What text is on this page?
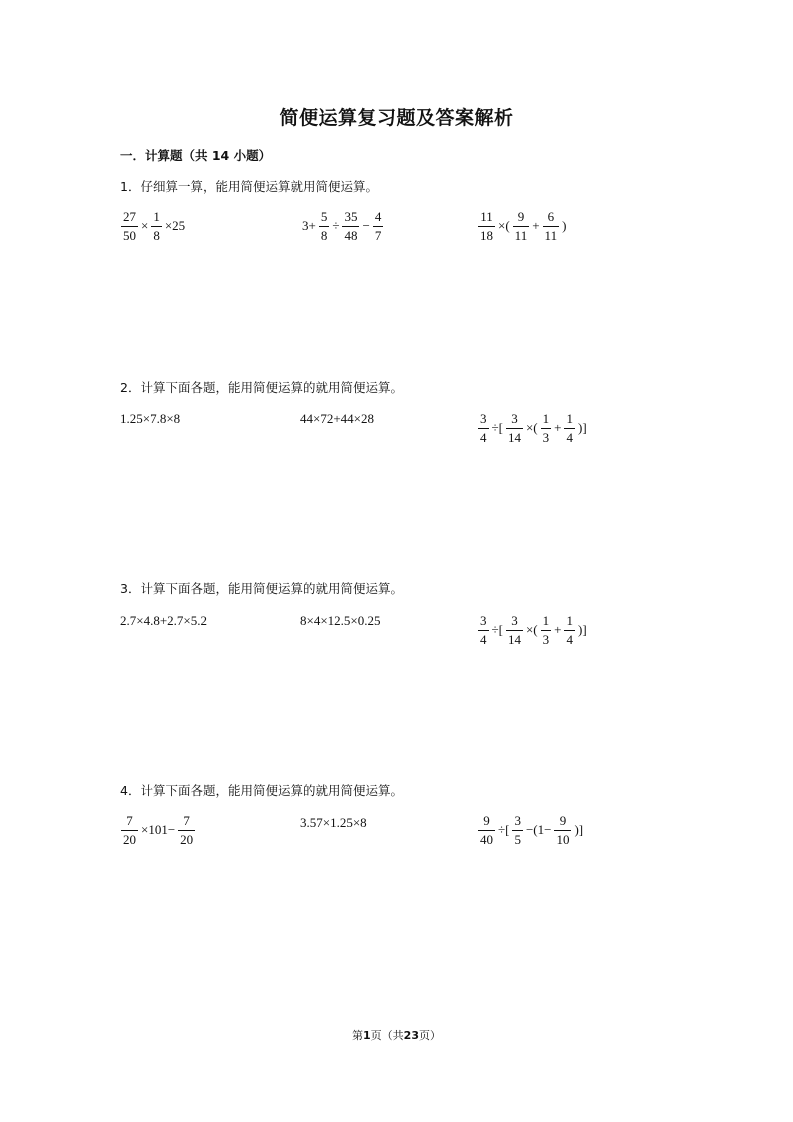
简便运算复习题及答案解析
一．计算题（共 14 小题）
1．仔细算一算，能用简便运算就用简便运算。
$\frac{27}{50} \times \frac{1}{8} \times 25$	$3+ \frac{5}{8} \div \frac{35}{48} - \frac{4}{7}$	$\frac{11}{18}$ ×( $\frac{9}{11} + \frac{6}{11}$ )
2．计算下面各题，能用简便运算的就用简便运算。
1.25×7.8×8	44×72+44×28	$\frac{3}{4}$ ÷[ $\frac{3}{14}$ ×( $\frac{1}{3} + \frac{1}{4}$ )]
3．计算下面各题，能用简便运算的就用简便运算。
2.7×4.8+2.7×5.2	8×4×12.5×0.25	$\frac{3}{4}$ ÷[ $\frac{3}{14}$ ×( $\frac{1}{3} + \frac{1}{4}$ )]
4．计算下面各题，能用简便运算的就用简便运算。
$\frac{7}{20} \times 101- \frac{7}{20}$	3.57×1.25×8	$\frac{9}{40}$ ÷[ $\frac{3}{5} -(1- \frac{9}{10}$ )]
第1页（共23页）
